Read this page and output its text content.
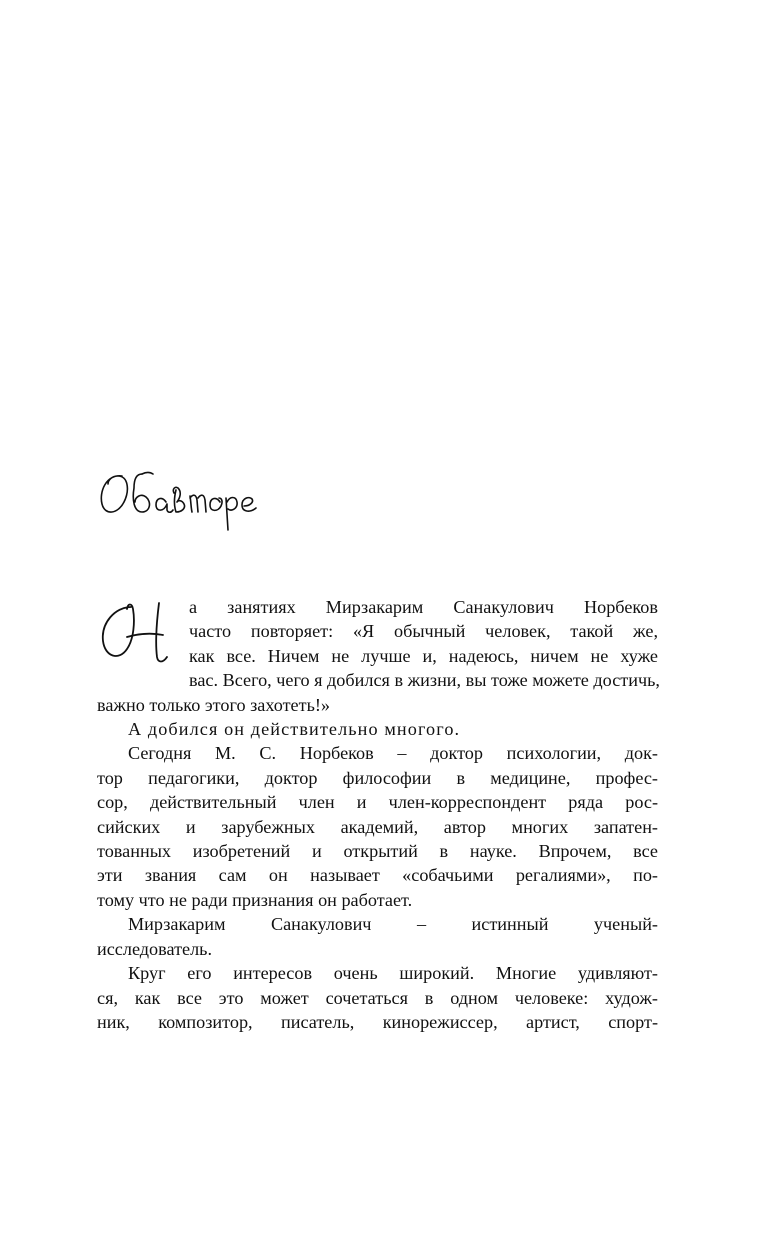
а занятиях Мирзакарим Санакулович Норбеков
часто повторяет: «Я обычный человек, такой же,
как все. Ничем не лучше и, надеюсь, ничем не хуже
вас. Всего, чего я добился в жизни, вы тоже можете достичь,
важно только этого захотеть!»
А добился он действительно многого.
Сегодня М. С. Норбеков – доктор психологии, док-
тор педагогики, доктор философии в медицине, профес-
сор, действительный член и член-корреспондент ряда рос-
сийских и зарубежных академий, автор многих запатен-
тованных изобретений и открытий в науке. Впрочем, все
эти звания сам он называет «собачьими регалиями», по-
тому что не ради признания он работает.
Мирзакарим Санакулович – истинный ученый-
исследователь.
Круг его интересов очень широкий. Многие удивляют-
ся, как все это может сочетаться в одном человеке: худож-
ник, композитор, писатель, кинорежиссер, артист, спорт-
